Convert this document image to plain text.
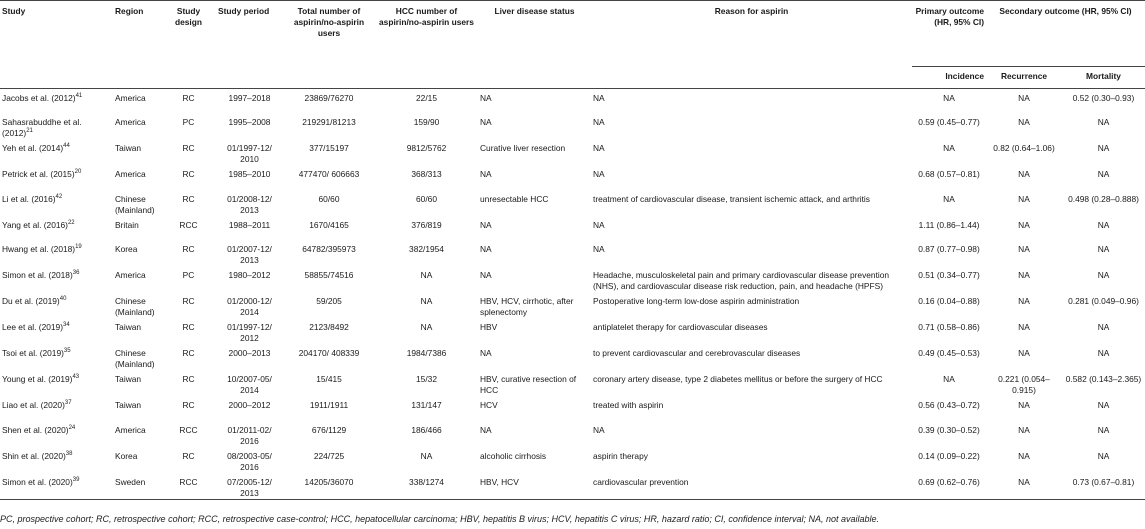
Study	Region	Study design	Study period	Total number of aspirin/no-aspirin users	HCC number of aspirin/no-aspirin users	Liver disease status	Reason for aspirin	Primary outcome (HR, 95% CI)	Secondary outcome (HR, 95% CI)	
								Incidence	Recurrence	Mortality
Jacobs et al. $(2012)^{41}$	America	RC	1997–2018	23869/76270	22/15	NA	NA	NA	NA	0.52 (0.30–0.93)
Sahasrabuddhe et al. $(2012)^{21}$	America	PC	1995–2008	219291/81213	159/90	NA	NA	0.59 (0.45–0.77)	NA	NA
Yeh et al. $(2014)^{44}$	Taiwan	RC	01/1997-12/ 2010	377/15197	9812/5762	Curative liver resection	NA	NA	0.82 (0.64–1.06)	NA
Petrick et al. $(2015)^{20}$	America	RC	1985–2010	477470/ 606663	368/313	NA	NA	0.68 (0.57–0.81)	NA	NA
Li et al. $(2016)^{42}$	Chinese (Mainland)	RC	01/2008-12/ 2013	60/60	60/60	unresectable HCC	treatment of cardiovascular disease, transient ischemic attack, and arthritis	NA	NA	0.498 (0.28–0.888)
Yang et al. $(2016)^{22}$	Britain	RCC	1988–2011	1670/4165	376/819	NA	NA	1.11 (0.86–1.44)	NA	NA
Hwang et al. $(2018)^{19}$	Korea	RC	01/2007-12/ 2013	64782/395973	382/1954	NA	NA	0.87 (0.77–0.98)	NA	NA
Simon et al. $(2018)^{36}$	America	PC	1980–2012	58855/74516	NA	NA	Headache, musculoskeletal pain and primary cardiovascular disease prevention (NHS), and cardiovascular disease risk reduction, pain, and headache (HPFS)	0.51 (0.34–0.77)	NA	NA
Du et al. $(2019)^{40}$	Chinese (Mainland)	RC	01/2000-12/ 2014	59/205	NA	HBV, HCV, cirrhotic, after splenectomy	Postoperative long-term low-dose aspirin administration	0.16 (0.04–0.88)	NA	0.281 (0.049–0.96)
Lee et al. $(2019)^{34}$	Taiwan	RC	01/1997-12/ 2012	2123/8492	NA	HBV	antiplatelet therapy for cardiovascular diseases	0.71 (0.58–0.86)	NA	NA
Tsoi et al. $(2019)^{35}$	Chinese (Mainland)	RC	2000–2013	204170/ 408339	1984/7386	NA	to prevent cardiovascular and cerebrovascular diseases	0.49 (0.45–0.53)	NA	NA
Young et al. $(2019)^{43}$	Taiwan	RC	10/2007-05/ 2014	15/415	15/32	HBV, curative resection of HCC	coronary artery disease, type 2 diabetes mellitus or before the surgery of HCC	NA	0.221 (0.054–0.915)	0.582 (0.143–2.365)
Liao et al. $(2020)^{37}$	Taiwan	RC	2000–2012	1911/1911	131/147	HCV	treated with aspirin	0.56 (0.43–0.72)	NA	NA
Shen et al. $(2020)^{24}$	America	RCC	01/2011-02/ 2016	676/1129	186/466	NA	NA	0.39 (0.30–0.52)	NA	NA
Shin et al. $(2020)^{38}$	Korea	RC	08/2003-05/ 2016	224/725	NA	alcoholic cirrhosis	aspirin therapy	0.14 (0.09–0.22)	NA	NA
Simon et al. $(2020)^{39}$	Sweden	RCC	07/2005-12/ 2013	14205/36070	338/1274	HBV, HCV	cardiovascular prevention	0.69 (0.62–0.76)	NA	0.73 (0.67–0.81)
PC, prospective cohort; RC, retrospective cohort; RCC, retrospective case-control; HCC, hepatocellular carcinoma; HBV, hepatitis B virus; HCV, hepatitis C virus; HR, hazard ratio; CI, confidence interval; NA, not available.
